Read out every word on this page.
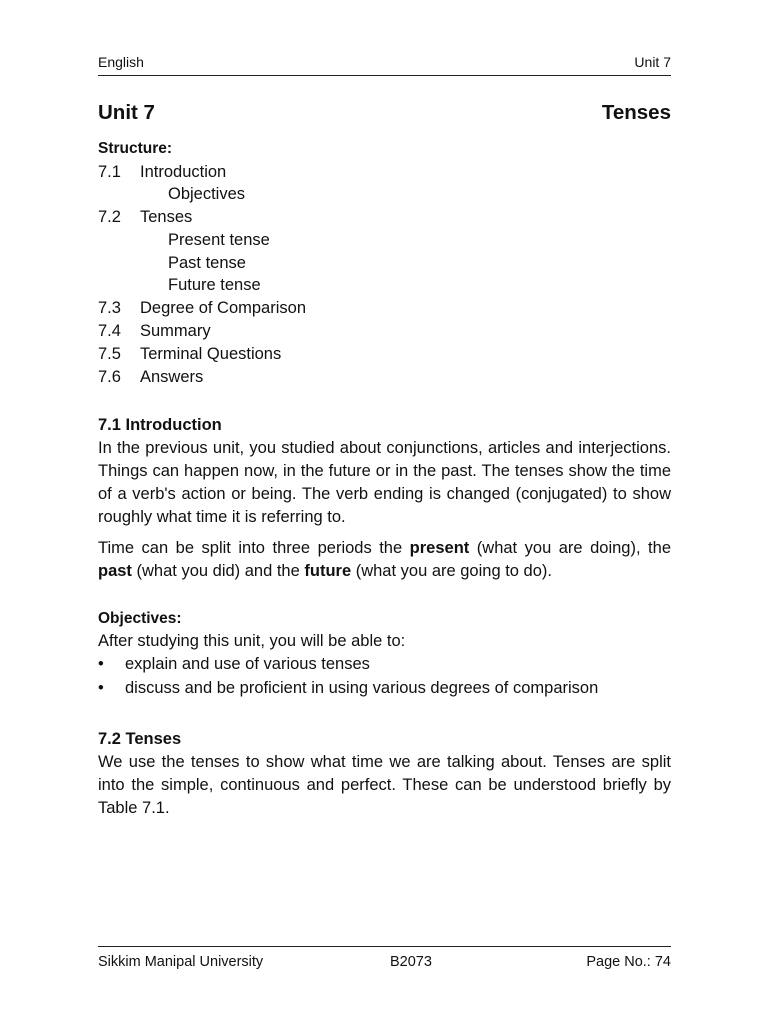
English	Unit 7
Unit 7	Tenses
Structure:
7.1 Introduction
Objectives
7.2 Tenses
Present tense
Past tense
Future tense
7.3 Degree of Comparison
7.4 Summary
7.5 Terminal Questions
7.6 Answers
7.1 Introduction

In the previous unit, you studied about conjunctions, articles and interjections. Things can happen now, in the future or in the past. The tenses show the time of a verb's action or being. The verb ending is changed (conjugated) to show roughly what time it is referring to.

Time can be split into three periods the present (what you are doing), the past (what you did) and the future (what you are going to do).

Objectives:

After studying this unit, you will be able to:

• explain and use of various tenses
• discuss and be proficient in using various degrees of comparison
7.2 Tenses

We use the tenses to show what time we are talking about. Tenses are split into the simple, continuous and perfect. These can be understood briefly by Table 7.1.

Sikkim Manipal University	B2073	Page No.: 74
